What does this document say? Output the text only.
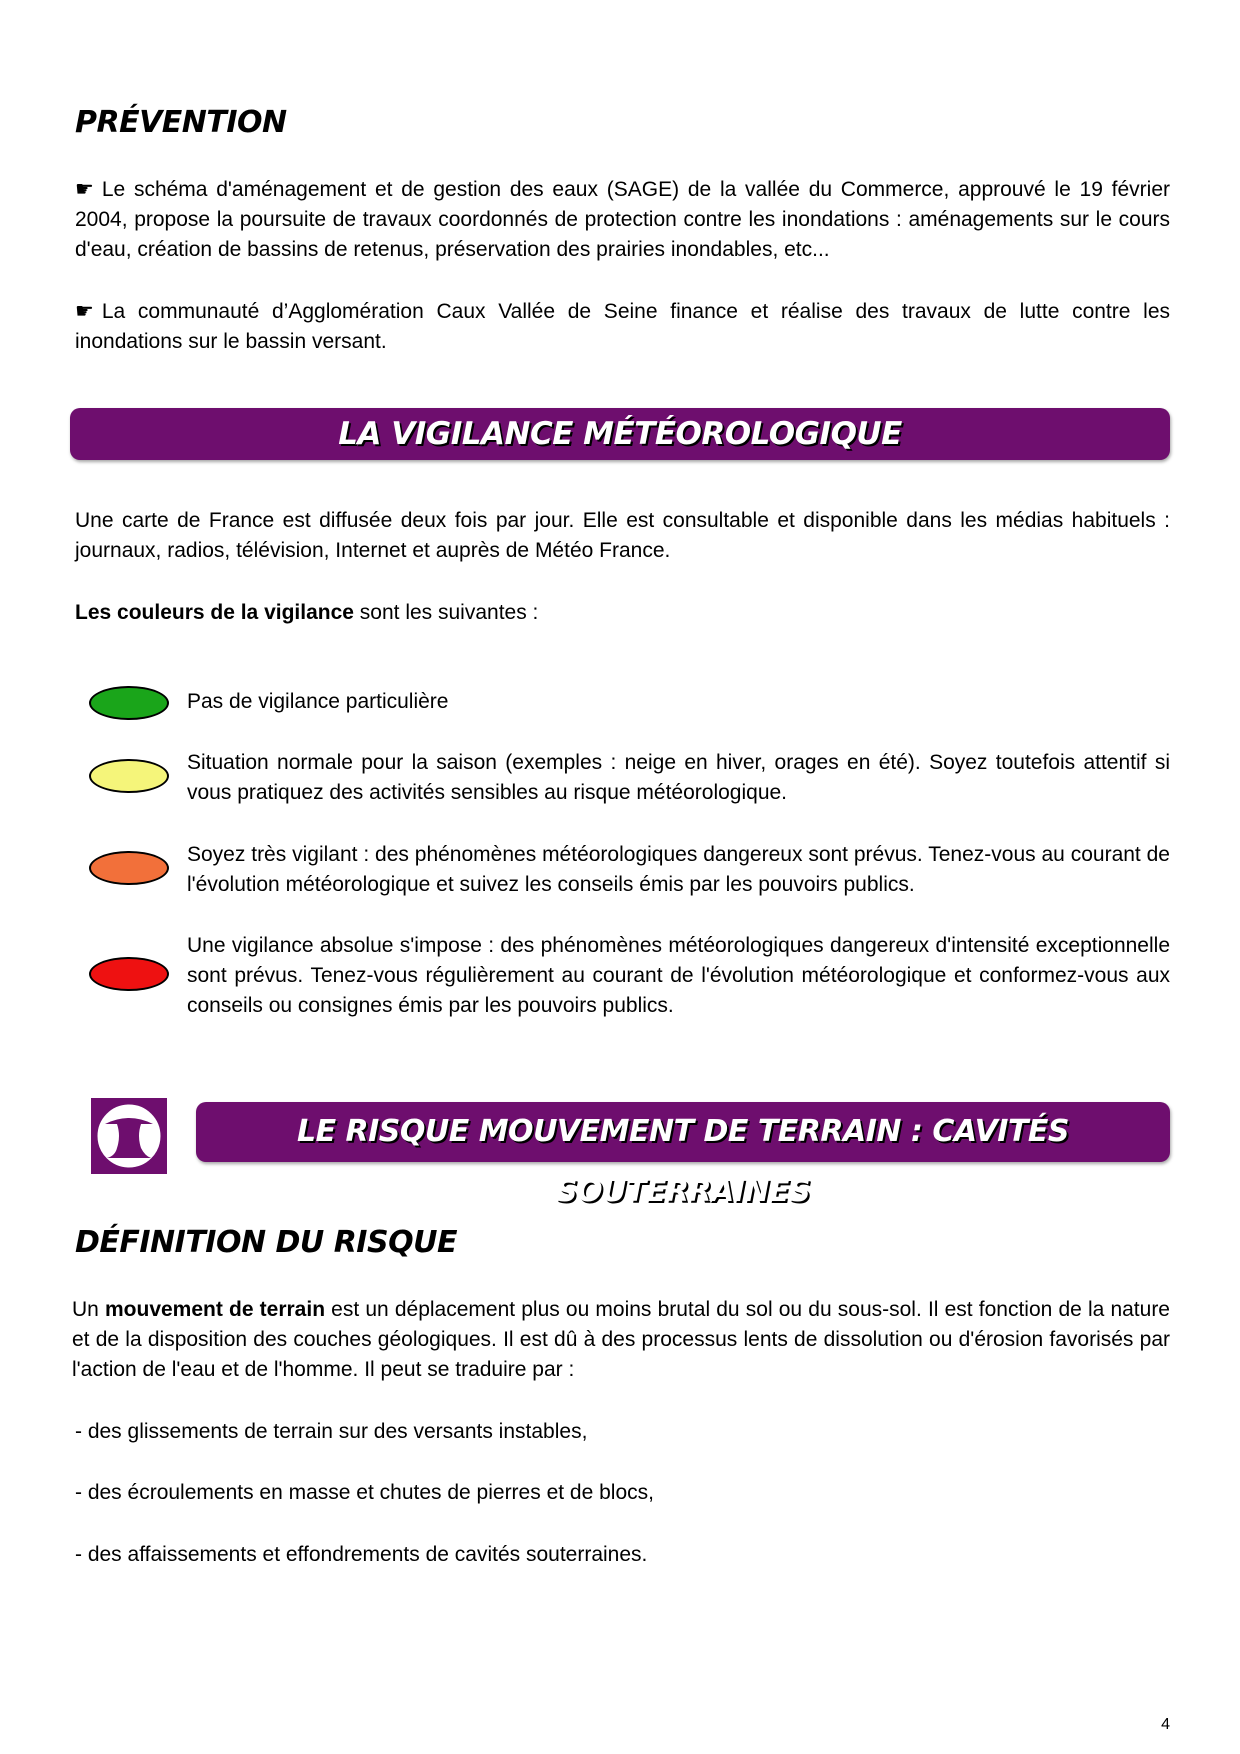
PRÉVENTION
☛ Le schéma d'aménagement et de gestion des eaux (SAGE) de la vallée du Commerce, approuvé le 19 février 2004, propose la poursuite de travaux coordonnés de protection contre les inondations : aménagements sur le cours d'eau, création de bassins de retenus, préservation des prairies inondables, etc...
☛ La communauté d’Agglomération Caux Vallée de Seine finance et réalise des travaux de lutte contre les inondations sur le bassin versant.
LA VIGILANCE MÉTÉOROLOGIQUE
Une carte de France est diffusée deux fois par jour. Elle est consultable et disponible dans les médias habituels : journaux, radios, télévision, Internet et auprès de Météo France.
Les couleurs de la vigilance sont les suivantes :
Pas de vigilance particulière
Situation normale pour la saison (exemples : neige en hiver, orages en été). Soyez toutefois attentif si vous pratiquez des activités sensibles au risque météorologique.
Soyez très vigilant : des phénomènes météorologiques dangereux sont prévus. Tenez-vous au courant de l'évolution météorologique et suivez les conseils émis par les pouvoirs publics.
Une vigilance absolue s'impose : des phénomènes météorologiques dangereux d'intensité exceptionnelle sont prévus. Tenez-vous régulièrement au courant de l'évolution météorologique et conformez-vous aux conseils ou consignes émis par les pouvoirs publics.
LE RISQUE MOUVEMENT DE TERRAIN : CAVITÉS SOUTERRAINES
DÉFINITION DU RISQUE
Un mouvement de terrain est un déplacement plus ou moins brutal du sol ou du sous-sol. Il est fonction de la nature et de la disposition des couches géologiques. Il est dû à des processus lents de dissolution ou d'érosion favorisés par l'action de l'eau et de l'homme. Il peut se traduire par :
- des glissements de terrain sur des versants instables,
- des écroulements en masse et chutes de pierres et de blocs,
- des affaissements et effondrements de cavités souterraines.
4
